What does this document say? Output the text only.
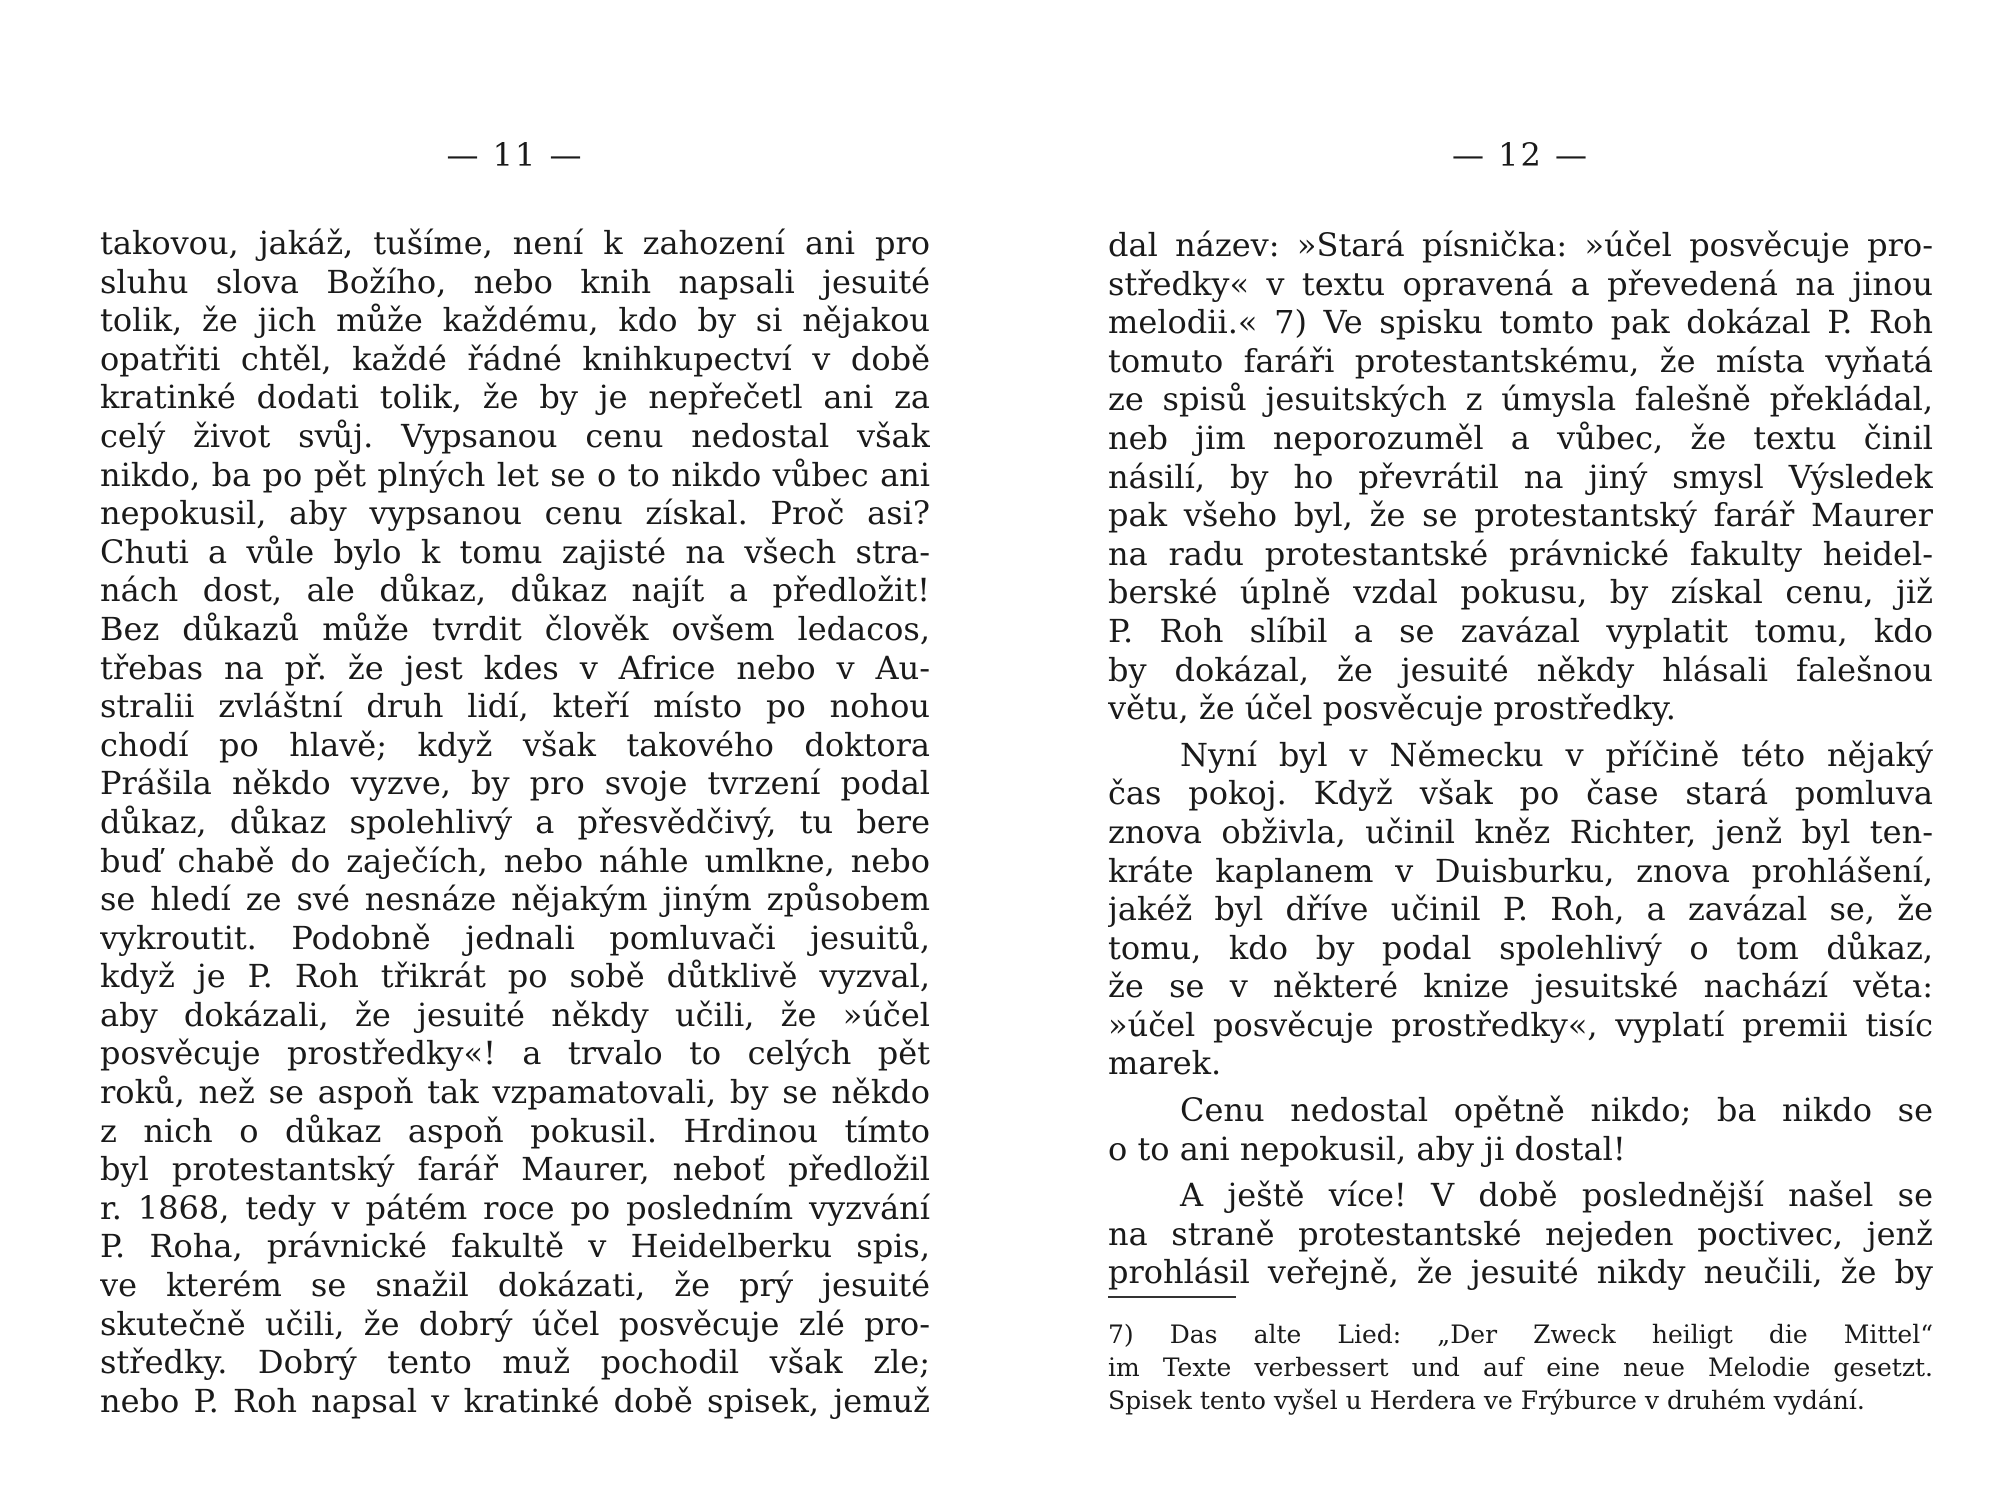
— 11 —
takovou, jakáž, tušíme, není k zahození ani pro
sluhu slova Božího, nebo knih napsali jesuité
tolik, že jich může každému, kdo by si nějakou
opatřiti chtěl, každé řádné knihkupectví v době
kratinké dodati tolik, že by je nepřečetl ani za
celý život svůj. Vypsanou cenu nedostal však
nikdo, ba po pět plných let se o to nikdo vůbec ani
nepokusil, aby vypsanou cenu získal. Proč asi?
Chuti a vůle bylo k tomu zajisté na všech stra-
nách dost, ale důkaz, důkaz najít a předložit!
Bez důkazů může tvrdit člověk ovšem ledacos,
třebas na př. že jest kdes v Africe nebo v Au-
stralii zvláštní druh lidí, kteří místo po nohou
chodí po hlavě; když však takového doktora
Prášila někdo vyzve, by pro svoje tvrzení podal
důkaz, důkaz spolehlivý a přesvědčivý, tu bere
buď chabě do zaječích, nebo náhle umlkne, nebo
se hledí ze své nesnáze nějakým jiným způsobem
vykroutit. Podobně jednali pomluvači jesuitů,
když je P. Roh třikrát po sobě důtklivě vyzval,
aby dokázali, že jesuité někdy učili, že »účel
posvěcuje prostředky«! a trvalo to celých pět
roků, než se aspoň tak vzpamatovali, by se někdo
z nich o důkaz aspoň pokusil. Hrdinou tímto
byl protestantský farář Maurer, neboť předložil
r. 1868, tedy v pátém roce po posledním vyzvání
P. Roha, právnické fakultě v Heidelberku spis,
ve kterém se snažil dokázati, že prý jesuité
skutečně učili, že dobrý účel posvěcuje zlé pro-
středky. Dobrý tento muž pochodil však zle;
nebo P. Roh napsal v kratinké době spisek, jemuž
— 12 —
dal název: »Stará písnička: »účel posvěcuje pro-
středky« v textu opravená a převedená na jinou
melodii.« 7) Ve spisku tomto pak dokázal P. Roh
tomuto faráři protestantskému, že místa vyňatá
ze spisů jesuitských z úmysla falešně překládal,
neb jim neporozuměl a vůbec, že textu činil
násilí, by ho převrátil na jiný smysl Výsledek
pak všeho byl, že se protestantský farář Maurer
na radu protestantské právnické fakulty heidel-
berské úplně vzdal pokusu, by získal cenu, již
P. Roh slíbil a se zavázal vyplatit tomu, kdo
by dokázal, že jesuité někdy hlásali falešnou
větu, že účel posvěcuje prostředky.
Nyní byl v Německu v příčině této nějaký
čas pokoj. Když však po čase stará pomluva
znova obživla, učinil kněz Richter, jenž byl ten-
kráte kaplanem v Duisburku, znova prohlášení,
jakéž byl dříve učinil P. Roh, a zavázal se, že
tomu, kdo by podal spolehlivý o tom důkaz,
že se v některé knize jesuitské nachází věta:
»účel posvěcuje prostředky«, vyplatí premii tisíc
marek.
Cenu nedostal opětně nikdo; ba nikdo se
o to ani nepokusil, aby ji dostal!
A ještě více! V době poslednější našel se
na straně protestantské nejeden poctivec, jenž
prohlásil veřejně, že jesuité nikdy neučili, že by
7) Das alte Lied: „Der Zweck heiligt die Mittel“
im Texte verbessert und auf eine neue Melodie gesetzt.
Spisek tento vyšel u Herdera ve Frýburce v druhém vydání.
